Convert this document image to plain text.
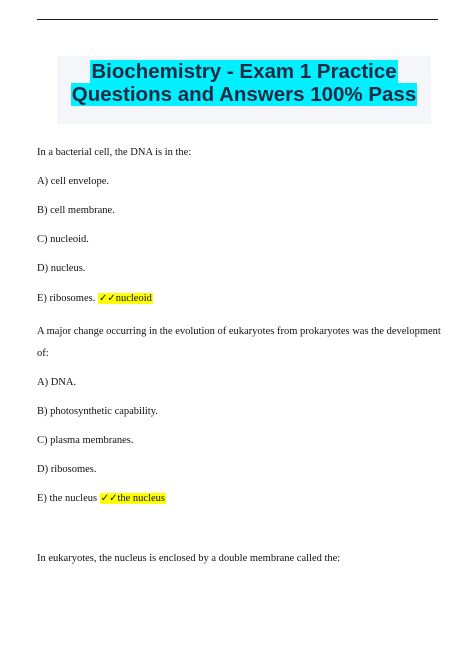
Biochemistry - Exam 1 Practice
Questions and Answers 100% Pass
In a bacterial cell, the DNA is in the:
A) cell envelope.
B) cell membrane.
C) nucleoid.
D) nucleus.
E) ribosomes. ✓✓nucleoid
A major change occurring in the evolution of eukaryotes from prokaryotes was the development
of:
A) DNA.
B) photosynthetic capability.
C) plasma membranes.
D) ribosomes.
E) the nucleus ✓✓the nucleus
In eukaryotes, the nucleus is enclosed by a double membrane called the:
